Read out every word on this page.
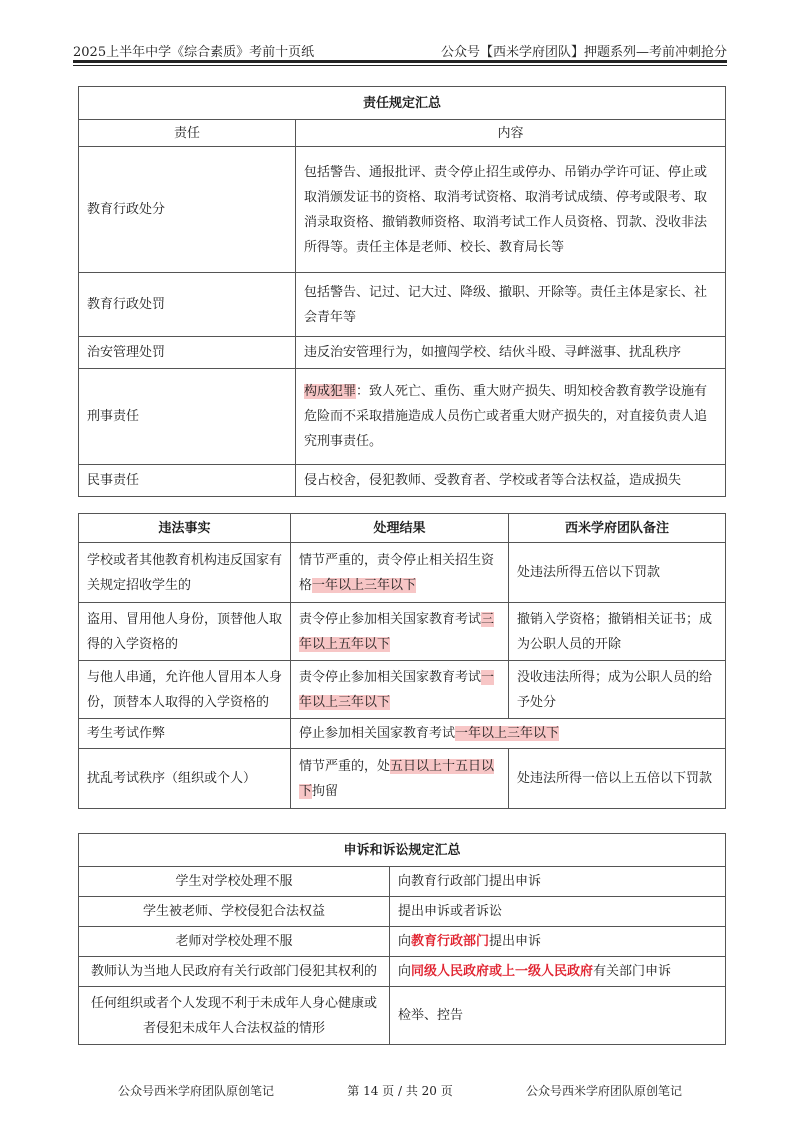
2025上半年中学《综合素质》考前十页纸	公众号【西米学府团队】押题系列—考前冲刺抢分
责任规定汇总	
责任	内容
教育行政处分	包括警告、通报批评、责令停止招生或停办、吊销办学许可证、停止或取消颁发证书的资格、取消考试资格、取消考试成绩、停考或限考、取消录取资格、撤销教师资格、取消考试工作人员资格、罚款、没收非法所得等。责任主体是老师、校长、教育局长等
教育行政处罚	包括警告、记过、记大过、降级、撤职、开除等。责任主体是家长、社会青年等
治安管理处罚	违反治安管理行为，如擅闯学校、结伙斗殴、寻衅滋事、扰乱秩序
刑事责任	构成犯罪：致人死亡、重伤、重大财产损失、明知校舍教育教学设施有危险而不采取措施造成人员伤亡或者重大财产损失的，对直接负责人追究刑事责任。
民事责任	侵占校舍，侵犯教师、受教育者、学校或者等合法权益，造成损失
违法事实	处理结果	西米学府团队备注
学校或者其他教育机构违反国家有关规定招收学生的	情节严重的，责令停止相关招生资格一年以上三年以下	处违法所得五倍以下罚款
盗用、冒用他人身份，顶替他人取得的入学资格的	责令停止参加相关国家教育考试三年以上五年以下	撤销入学资格；撤销相关证书；成为公职人员的开除
与他人串通，允许他人冒用本人身份，顶替本人取得的入学资格的	责令停止参加相关国家教育考试一年以上三年以下	没收违法所得；成为公职人员的给予处分
考生考试作弊	停止参加相关国家教育考试一年以上三年以下	
扰乱考试秩序（组织或个人）	情节严重的，处五日以上十五日以下拘留	处违法所得一倍以上五倍以下罚款
申诉和诉讼规定汇总	
学生对学校处理不服	向教育行政部门提出申诉
学生被老师、学校侵犯合法权益	提出申诉或者诉讼
老师对学校处理不服	向教育行政部门提出申诉
教师认为当地人民政府有关行政部门侵犯其权利的	向同级人民政府或上一级人民政府有关部门申诉
任何组织或者个人发现不利于未成年人身心健康或者侵犯未成年人合法权益的情形	检举、控告
公众号西米学府团队原创笔记	第 14 页 / 共 20 页	公众号西米学府团队原创笔记
